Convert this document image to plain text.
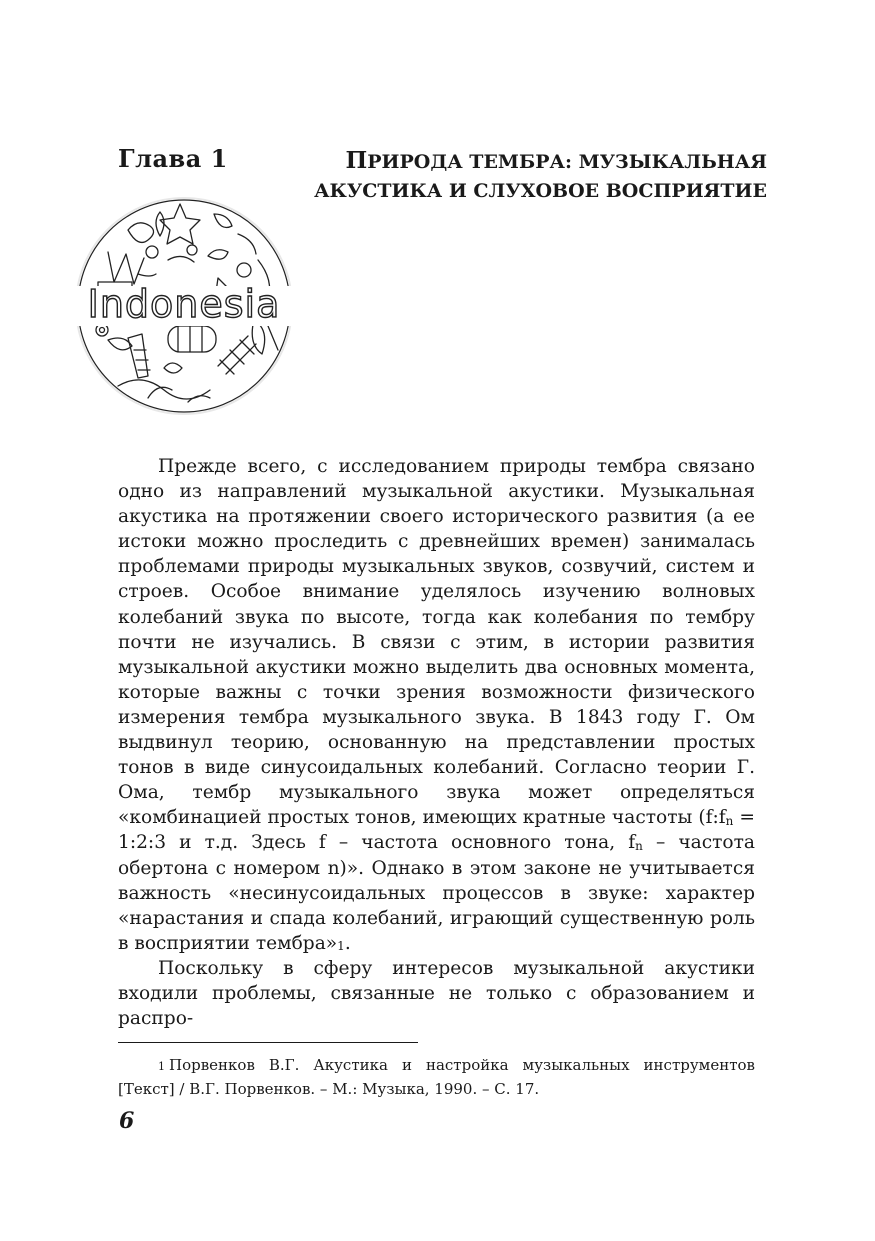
Глава 1	ПРИРОДА ТЕМБРА: МУЗЫКАЛЬНАЯ
АКУСТИКА И СЛУХОВОЕ ВОСПРИЯТИЕ
Indonesia

Прежде всего, с исследованием природы тембра связано одно из направлений музыкальной акустики. Музыкальная акустика на протяжении своего исторического развития (а ее истоки можно проследить с древнейших времен) занималась проблемами природы музыкальных звуков, созвучий, систем и строев. Особое внимание уделялось изучению волновых колебаний звука по высоте, тогда как колебания по тембру почти не изучались. В связи с этим, в истории развития музыкальной акустики можно выделить два основных момента, которые важны с точки зрения возможности физического измерения тембра музыкального звука. В 1843 году Г. Ом выдвинул теорию, основанную на представлении простых тонов в виде синусоидальных колебаний. Согласно теории Г. Ома, тембр музыкального звука может определяться «комбинацией простых тонов, имеющих кратные частоты ($f:f_n$ = 1:2:3 и т.д. Здесь f – частота основного тона, $f_n$ – частота обертона с номером n)». Однако в этом законе не учитывается важность «несинусоидальных процессов в звуке: характер «нарастания и спада колебаний, играющий существенную роль в восприятии тембра»$^1$.

Поскольку в сферу интересов музыкальной акустики входили проблемы, связанные не только с образованием и распро-

1 Порвенков В.Г. Акустика и настройка музыкальных инструментов [Текст] / В.Г. Порвенков. – М.: Музыка, 1990. – С. 17.
6
